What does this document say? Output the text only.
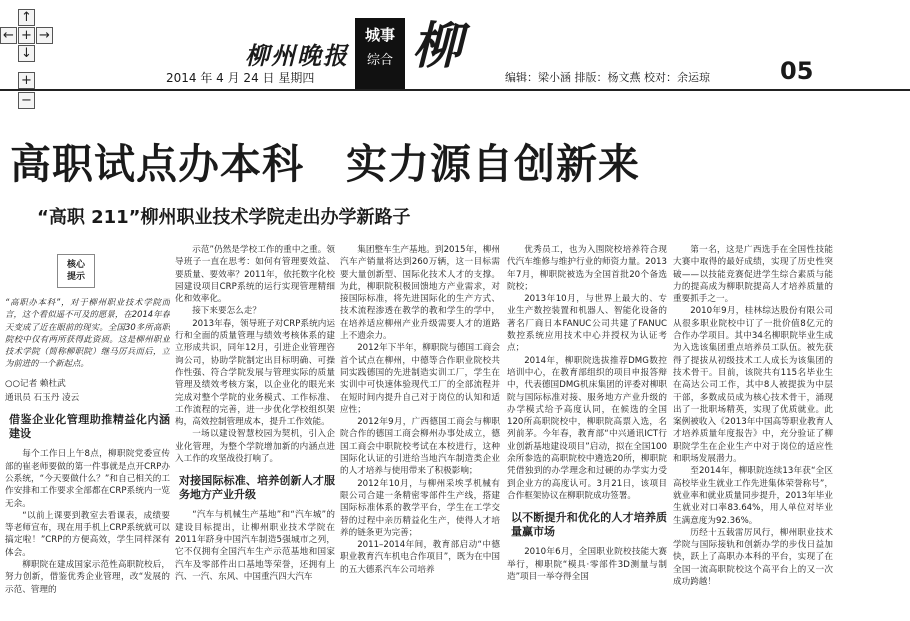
↑
← + →
↓
+
−
柳州晚报
2014 年 4 月 24 日 星期四
城事
综合 柳
编辑：梁小涵 排版：杨文燕 校对：余运琼	05
高职试点办本科　实力源自创新来
“高职 211”柳州职业技术学院走出办学新路子
核心
提示

“高职办本科”，对于柳州职业技术学院而言，这个看似遥不可及的愿景，在2014年春天变成了近在眼前的现实。全国30多所高职院校中仅有两所获得此资质。这是柳州职业技术学院（简称柳职院）继马厉兵而后，立为前进的一个新起点。

○○记者 赖杜武

通讯员 石玉丹 凌云

借鉴企业化管理助推精益化内涵建设

每个工作日上午8点，柳职院党委宣传部的崔老师要做的第一件事就是点开CRP办公系统，“今天要做什么？”和自己相关的工作安排和工作要求全部都在CRP系统内一览无余。

“以前上课要到教室去看课表，成绩要等老师宣布，现在用手机上CRP系统就可以搞定啦！”CRP的方便高效，学生同样深有体会。

柳职院在建成国家示范性高职院校后，努力创新，借鉴优秀企业管理，改“发展的示范、管理的

示范”仍然是学校工作的重中之重。领导班子一直在思考：如何有管理要效益、要质量、要效率？2011年，依托数字化校园建设项目CRP系统的运行实现管理精细化和效率化。

接下来要怎么走？

2013年春，领导班子对CRP系统内运行和全面的质量管理与绩效考核体系的建立形成共识，同年12月，引进企业管理咨询公司，协助学院制定出目标明确、可操作性强、符合学院发展与管理实际的质量管理及绩效考核方案，以企业化的眼光来完成对整个学院的业务模式、工作标准、工作流程的完善，进一步优化学校组织架构，高效控制管理成本，提升工作效能。

一场以建设智慧校园为契机，引入企业化管理，为整个学院增加新的内涵点进入工作的攻坚战役打响了。

对接国际标准、培养创新人才服务地方产业升级

“汽车与机械生产基地”和“汽车城”的建设目标提出，让柳州职业技术学院在2011年跻身中国汽车制造5强城市之列，它不仅拥有全国汽车生产示范基地和国家汽车及零部件出口基地等荣誉，还拥有上汽、一汽、东风、中国重汽四大汽车

集团整车生产基地。到2015年，柳州汽车产销量将达到260万辆，这一目标需要大量创新型、国际化技术人才的支撑。为此，柳职院积极回馈地方产业需求，对接国际标准，将先进国际化的生产方式、技术流程渗透在教学的教和学生的学中，在培养适应柳州产业升级需要人才的道路上不遗余力。

2012年下半年，柳职院与德国工商会首个试点在柳州，中德等合作职业院校共同实践德国的先进制造实训工厂，学生在实训中可快速体验现代工厂的全部流程并在短时间内提升自己对于岗位的认知和适应性；

2012年9月，广西德国工商会与柳职院合作的德国工商会柳州办事处成立，德国工商会中职院校考试在本校进行，这种国际化认证的引进给当地汽车制造类企业的人才培养与使用带来了积极影响；

2012年10月，与柳州采埃孚机械有限公司合建一条精密零部件生产线，搭建国际标准体系的教学平台，学生在工学交替的过程中亲历精益化生产，使得人才培养的链条更为完善；

2011–2014年间，教育部启动“中德职业教育汽车机电合作项目”，既为在中国的五大德系汽车公司培养

优秀员工，也为入围院校培养符合现代汽车维修与维护行业的师资力量。2013年7月，柳职院被选为全国首批20个备选院校；

2013年10月，与世界上最大的、专业生产数控装置和机器人、智能化设备的著名厂商日本FANUC公司共建了FANUC数控系统应用技术中心并授权为认证考点；

2014年，柳职院选拔推荐DMG数控培训中心，在教育部组织的项目申报答辩中，代表德国DMG机床集团的评委对柳职院与国际标准对接、服务地方产业升级的办学模式给予高度认同，在候选的全国120所高职院校中，柳职院高票入选，名列前茅。今年春，教育部“中兴通讯ICT行业创新基地建设项目”启动，拟在全国100余所参选的高职院校中遴选20所，柳职院凭借独到的办学理念和过硬的办学实力受到企业方的高度认可。3月21日，该项目合作框架协议在柳职院成功签署。

以不断提升和优化的人才培养质量赢市场

2010年6月，全国职业院校技能大赛举行，柳职院“模具·零部件3D测量与制造”项目一举夺得全国

第一名，这是广西选手在全国性技能大赛中取得的最好成绩，实现了历史性突破——以技能竞赛促进学生综合素质与能力的提高成为柳职院提高人才培养质量的重要抓手之一。

2010年9月，桂林综达股份有限公司从很多职业院校中订了一批价值8亿元的合作办学项目。其中34名柳职院毕业生成为入选该集团重点培养员工队伍。被先获得了提拔从初级技术工人成长为该集团的技术骨干。目前，该院共有115名毕业生在高达公司工作，其中8人被提拔为中层干部，多数成员成为核心技术骨干，涌现出了一批职场精英，实现了优质就业。此案例被收入《2013年中国高等职业教育人才培养质量年度报告》中，充分验证了柳职院学生在企业生产中对于岗位的适应性和职场发展潜力。

至2014年，柳职院连续13年获“全区高校毕业生就业工作先进集体荣誉称号”，就业率和就业质量同步提升，2013年毕业生就业对口率83.64%，用人单位对毕业生满意度为92.36%。

历经十五载雷厉风行，柳州职业技术学院与国际接轨和创新办学的步伐日益加快，跃上了高职办本科的平台，实现了在全国一流高职院校这个高平台上的又一次成功跨越！
